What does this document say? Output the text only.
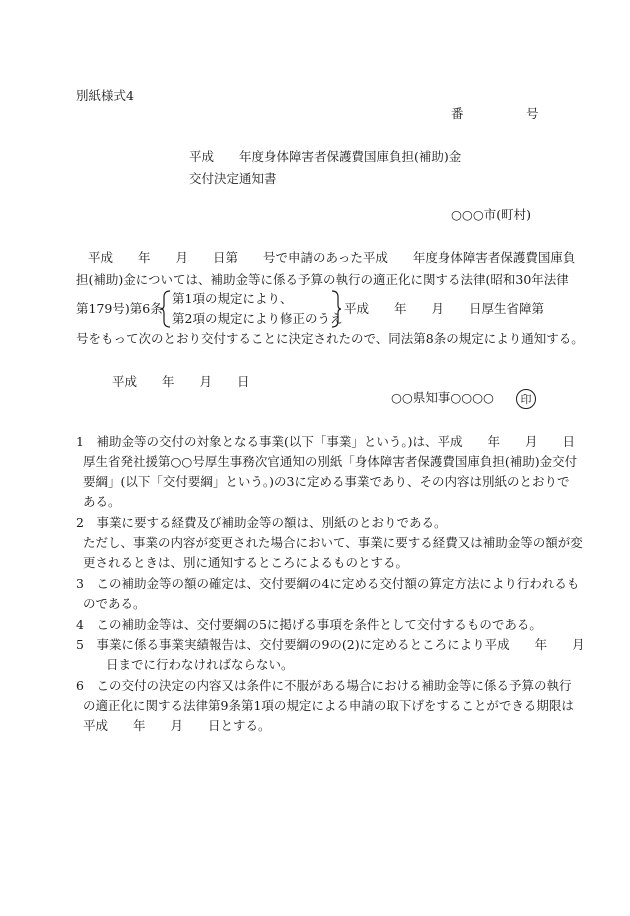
別紙様式4
番　　　　　号
平成　　年度身体障害者保護費国庫負担(補助)金
交付決定通知書
○○○市(町村)
平成　　年　　月　　日第　　号で申請のあった平成　　年度身体障害者保護費国庫負
担(補助)金については、補助金等に係る予算の執行の適正化に関する法律(昭和30年法律
第179号)第6条
第1項の規定により、
第2項の規定により修正のうえ
平成　　年　　月　　日厚生省障第
号をもって次のとおり交付することに決定されたので、同法第8条の規定により通知する。
平成　　年　　月　　日
○○県知事○○○○	印
1　補助金等の交付の対象となる事業(以下「事業」という。)は、平成　　年　　月　　日
厚生省発社援第○○号厚生事務次官通知の別紙「身体障害者保護費国庫負担(補助)金交付
要綱」(以下「交付要綱」という。)の3に定める事業であり、その内容は別紙のとおりで
ある。
2　事業に要する経費及び補助金等の額は、別紙のとおりである。
ただし、事業の内容が変更された場合において、事業に要する経費又は補助金等の額が変
更されるときは、別に通知するところによるものとする。
3　この補助金等の額の確定は、交付要綱の4に定める交付額の算定方法により行われるも
のである。
4　この補助金等は、交付要綱の5に掲げる事項を条件として交付するものである。
5　事業に係る事業実績報告は、交付要綱の9の(2)に定めるところにより平成　　年　　月
日までに行わなければならない。
6　この交付の決定の内容又は条件に不服がある場合における補助金等に係る予算の執行
の適正化に関する法律第9条第1項の規定による申請の取下げをすることができる期限は
平成　　年　　月　　日とする。
